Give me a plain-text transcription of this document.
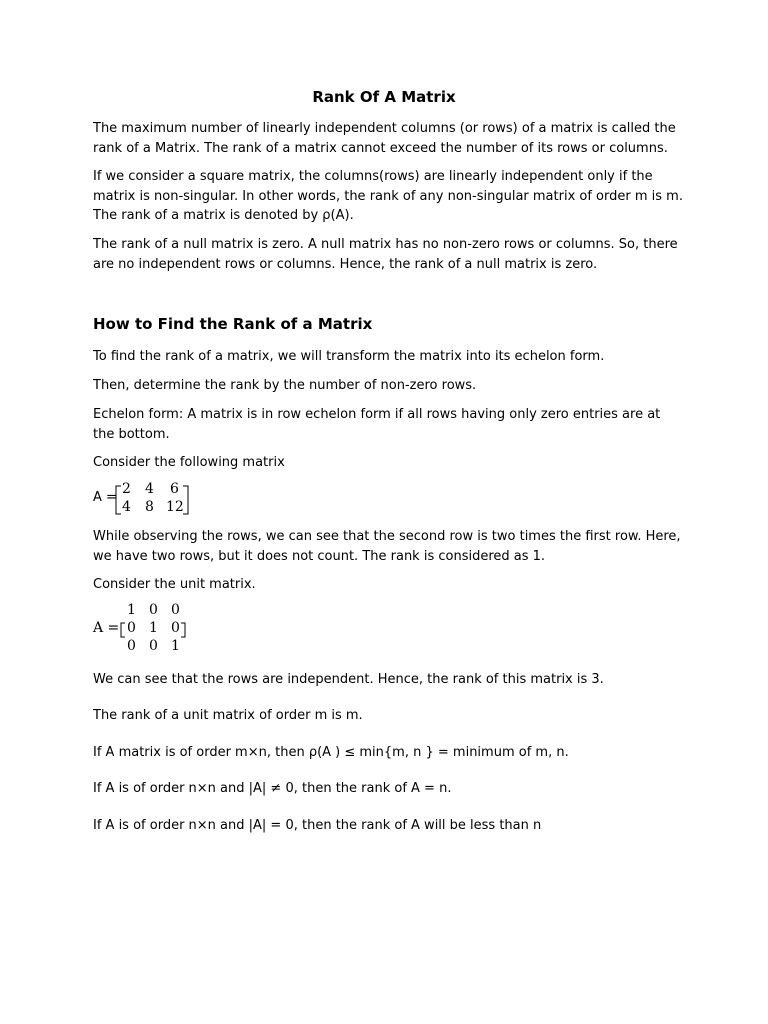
Rank Of A Matrix

The maximum number of linearly independent columns (or rows) of a matrix is called the rank of a Matrix. The rank of a matrix cannot exceed the number of its rows or columns.

If we consider a square matrix, the columns(rows) are linearly independent only if the matrix is non-singular. In other words, the rank of any non-singular matrix of order m is m. The rank of a matrix is denoted by ρ(A).

The rank of a null matrix is zero. A null matrix has no non-zero rows or columns. So, there are no independent rows or columns. Hence, the rank of a null matrix is zero.

How to Find the Rank of a Matrix

To find the rank of a matrix, we will transform the matrix into its echelon form.

Then, determine the rank by the number of non-zero rows.

Echelon form: A matrix is in row echelon form if all rows having only zero entries are at the bottom.

Consider the following matrix

A =
2 4 6
4 8 12

While observing the rows, we can see that the second row is two times the first row. Here, we have two rows, but it does not count. The rank is considered as 1.

Consider the unit matrix.

A =
1 0 0
0 1 0
0 0 1

We can see that the rows are independent. Hence, the rank of this matrix is 3.

The rank of a unit matrix of order m is m.

If A matrix is of order m×n, then ρ(A ) ≤ min{m, n } = minimum of m, n.

If A is of order n×n and |A| ≠ 0, then the rank of A = n.

If A is of order n×n and |A| = 0, then the rank of A will be less than n
